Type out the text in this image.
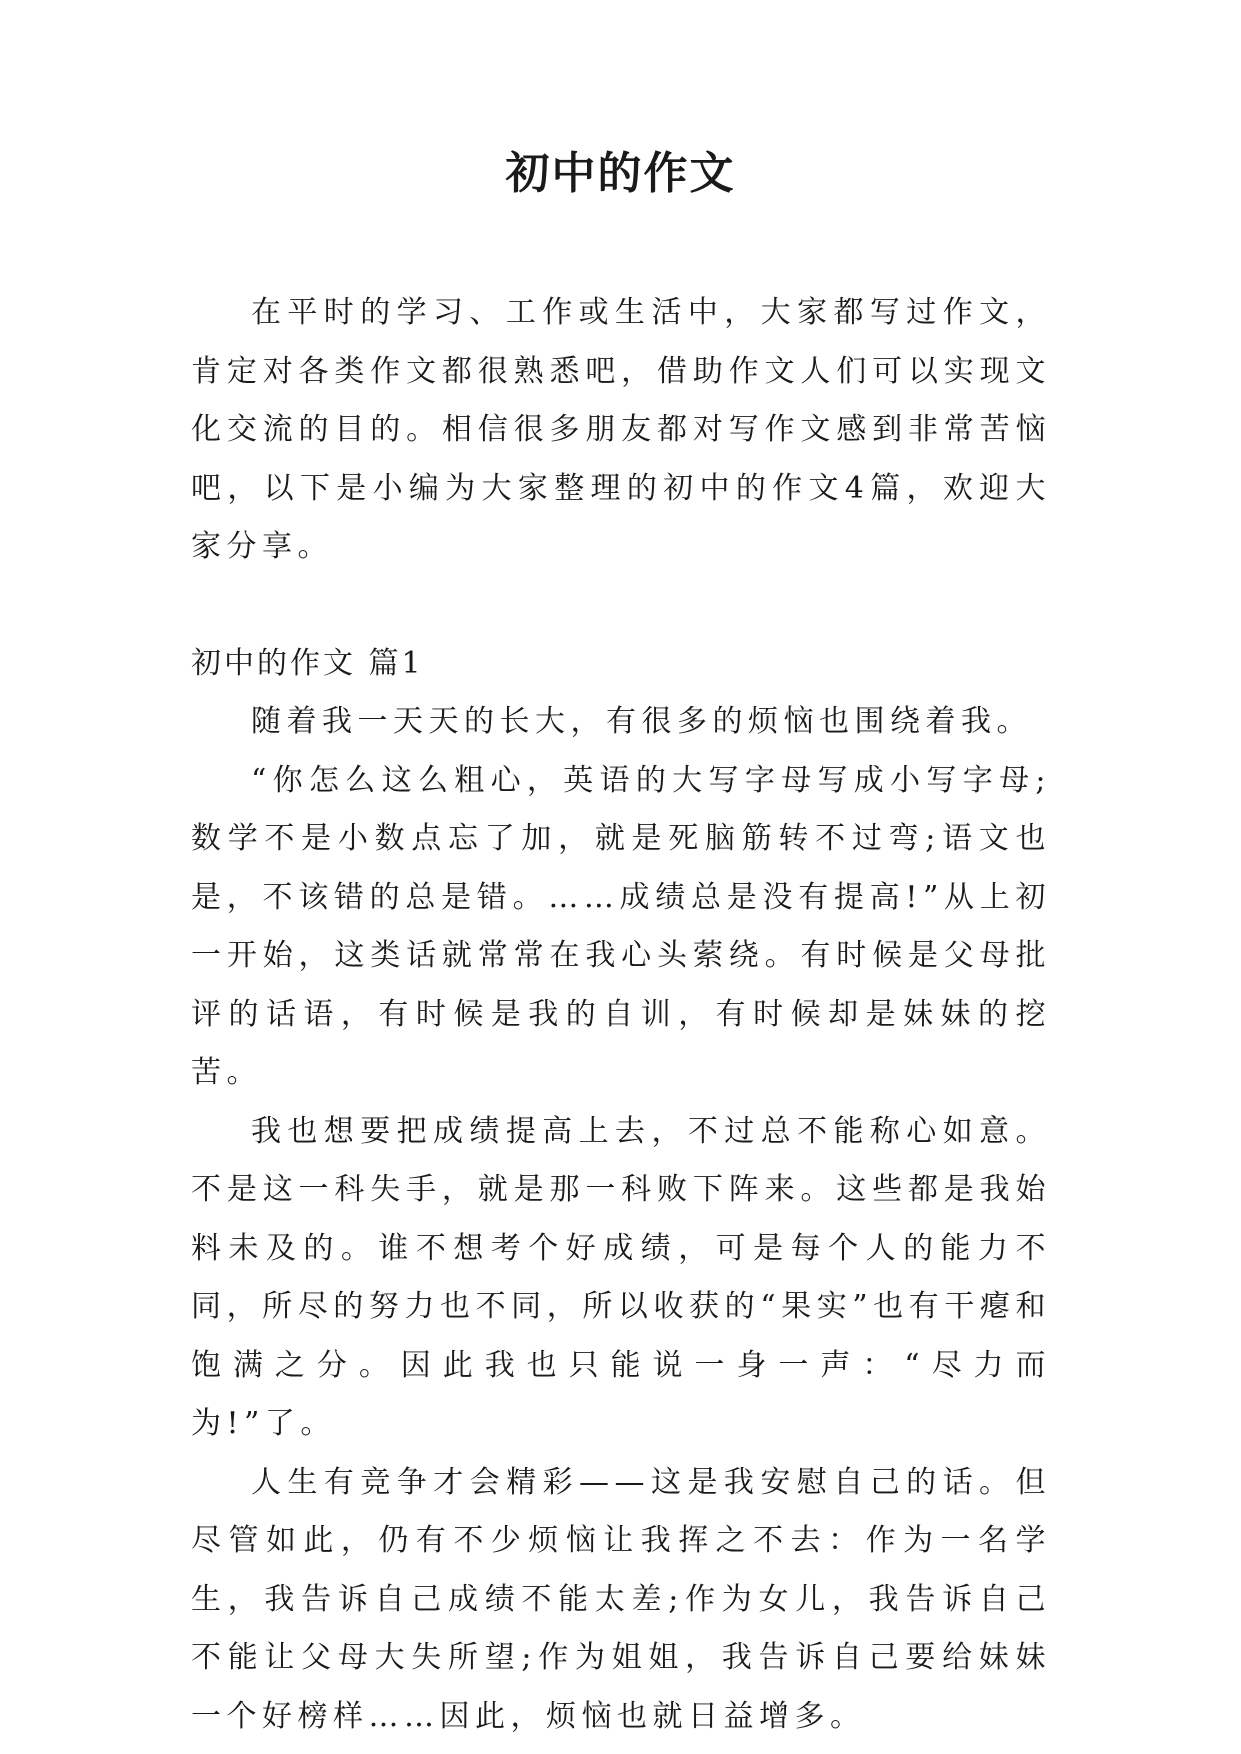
初中的作文

在平时的学习、工作或生活中，大家都写过作文，肯定对各类作文都很熟悉吧，借助作文人们可以实现文化交流的目的。相信很多朋友都对写作文感到非常苦恼吧，以下是小编为大家整理的初中的作文4篇，欢迎大家分享。

初中的作文 篇1

随着我一天天的长大，有很多的烦恼也围绕着我。

“你怎么这么粗心，英语的大写字母写成小写字母;数学不是小数点忘了加，就是死脑筋转不过弯;语文也是，不该错的总是错。……成绩总是没有提高!”从上初一开始，这类话就常常在我心头萦绕。有时候是父母批评的话语，有时候是我的自训，有时候却是妹妹的挖苦。

我也想要把成绩提高上去，不过总不能称心如意。不是这一科失手，就是那一科败下阵来。这些都是我始料未及的。谁不想考个好成绩，可是每个人的能力不同，所尽的努力也不同，所以收获的“果实”也有干瘪和饱满之分。因此我也只能说一身一声：“尽力而为!”了。

人生有竞争才会精彩——这是我安慰自己的话。但尽管如此，仍有不少烦恼让我挥之不去：作为一名学生，我告诉自己成绩不能太差;作为女儿，我告诉自己不能让父母大失所望;作为姐姐，我告诉自己要给妹妹一个好榜样……因此，烦恼也就日益增多。
